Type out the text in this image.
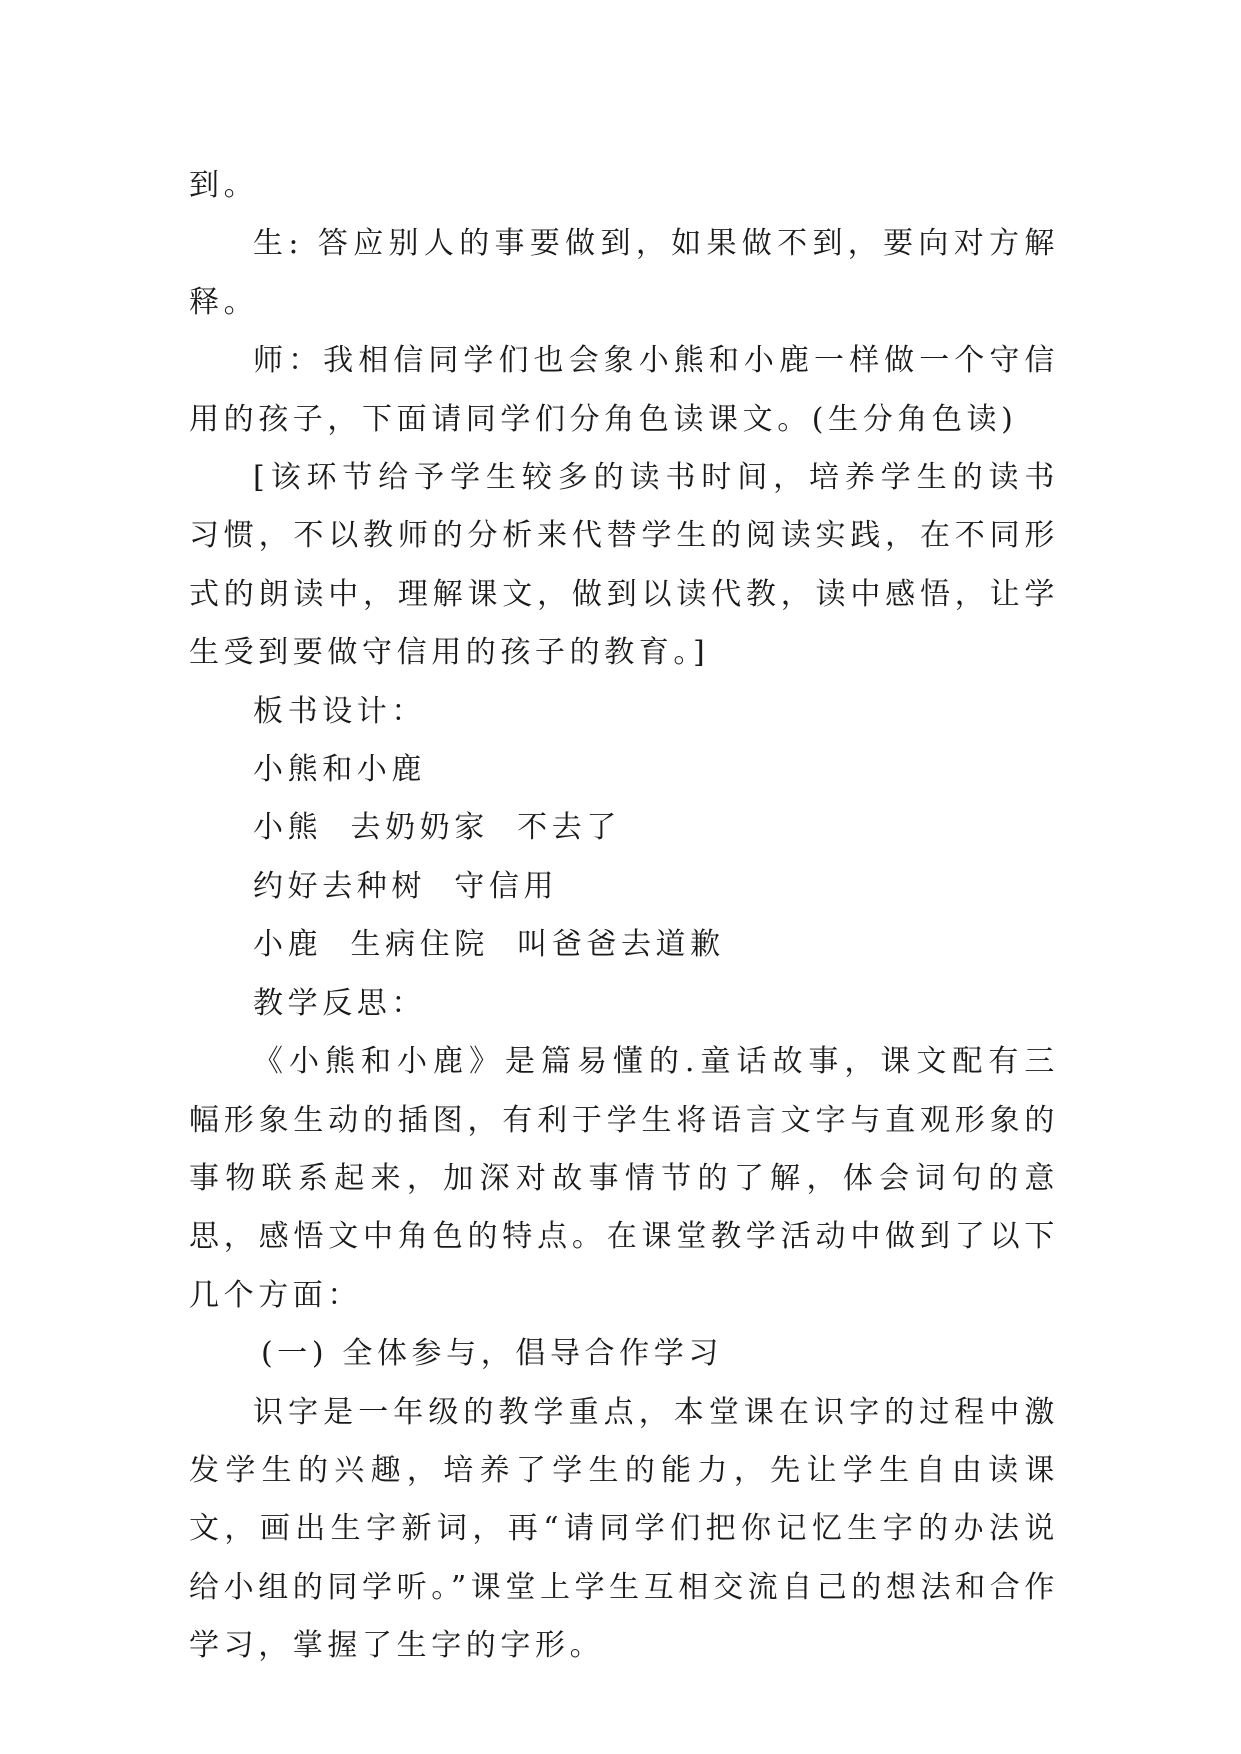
到。

生: 答应别人的事要做到，如果做不到，要向对方解释。

师：我相信同学们也会象小熊和小鹿一样做一个守信用的孩子，下面请同学们分角色读课文。(生分角色读)

[该环节给予学生较多的读书时间，培养学生的读书习惯，不以教师的分析来代替学生的阅读实践，在不同形式的朗读中，理解课文，做到以读代教，读中感悟，让学生受到要做守信用的孩子的教育。]

板书设计：

小熊和小鹿

小熊  去奶奶家  不去了

约好去种树  守信用

小鹿  生病住院  叫爸爸去道歉

教学反思：

《小熊和小鹿》是篇易懂的.童话故事，课文配有三幅形象生动的插图，有利于学生将语言文字与直观形象的事物联系起来，加深对故事情节的了解，体会词句的意思，感悟文中角色的特点。在课堂教学活动中做到了以下几个方面：

(一) 全体参与，倡导合作学习

识字是一年级的教学重点，本堂课在识字的过程中激发学生的兴趣，培养了学生的能力，先让学生自由读课文，画出生字新词，再“请同学们把你记忆生字的办法说给小组的同学听。”课堂上学生互相交流自己的想法和合作学习，掌握了生字的字形。
